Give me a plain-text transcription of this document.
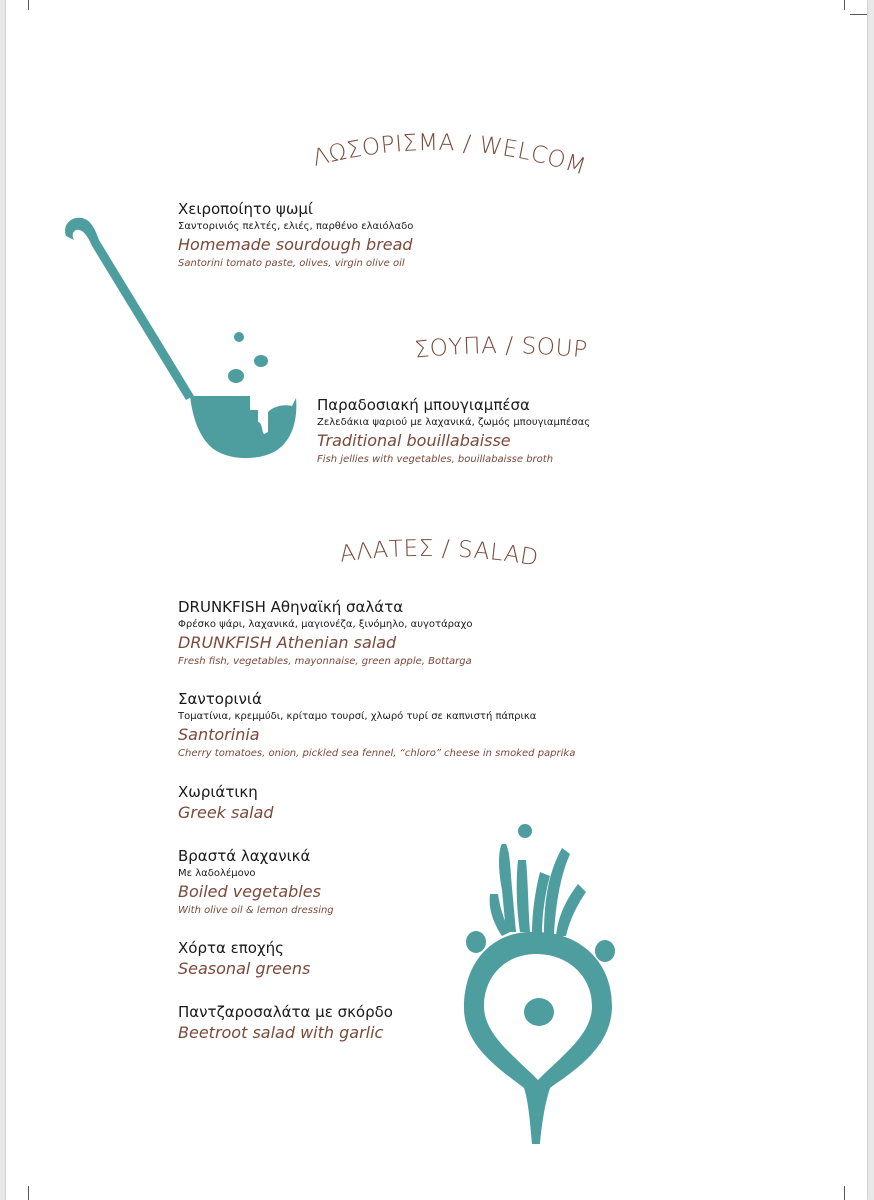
ΚΑΛΩΣΟΡΙΣΜΑ / WELCOME
Χειροποίητο ψωμί
Σαντορινιός πελτές, ελιές, παρθένο ελαιόλαδο
Homemade sourdough bread
Santorini tomato paste, olives, virgin olive oil
ΣΟΥΠΑ / SOUP
Παραδοσιακή μπουγιαμπέσα
Ζελεδάκια ψαριού με λαχανικά, ζωμός μπουγιαμπέσας
Traditional bouillabaisse
Fish jellies with vegetables, bouillabaisse broth
ΣΑΛΑΤΕΣ / SALADS
DRUNKFISH Αθηναϊκή σαλάτα
Φρέσκο ψάρι, λαχανικά, μαγιονέζα, ξινόμηλο, αυγοτάραχο
DRUNKFISH Athenian salad
Fresh fish, vegetables, mayonnaise, green apple, Bottarga
Σαντορινιά
Τοματίνια, κρεμμύδι, κρίταμο τουρσί, χλωρό τυρί σε καπνιστή πάπρικα
Santorinia
Cherry tomatoes, onion, pickled sea fennel, “chloro” cheese in smoked paprika
Χωριάτικη
Greek salad
Βραστά λαχανικά
Με λαδολέμονο
Boiled vegetables
With olive oil & lemon dressing
Χόρτα εποχής
Seasonal greens
Παντζαροσαλάτα με σκόρδο
Beetroot salad with garlic
